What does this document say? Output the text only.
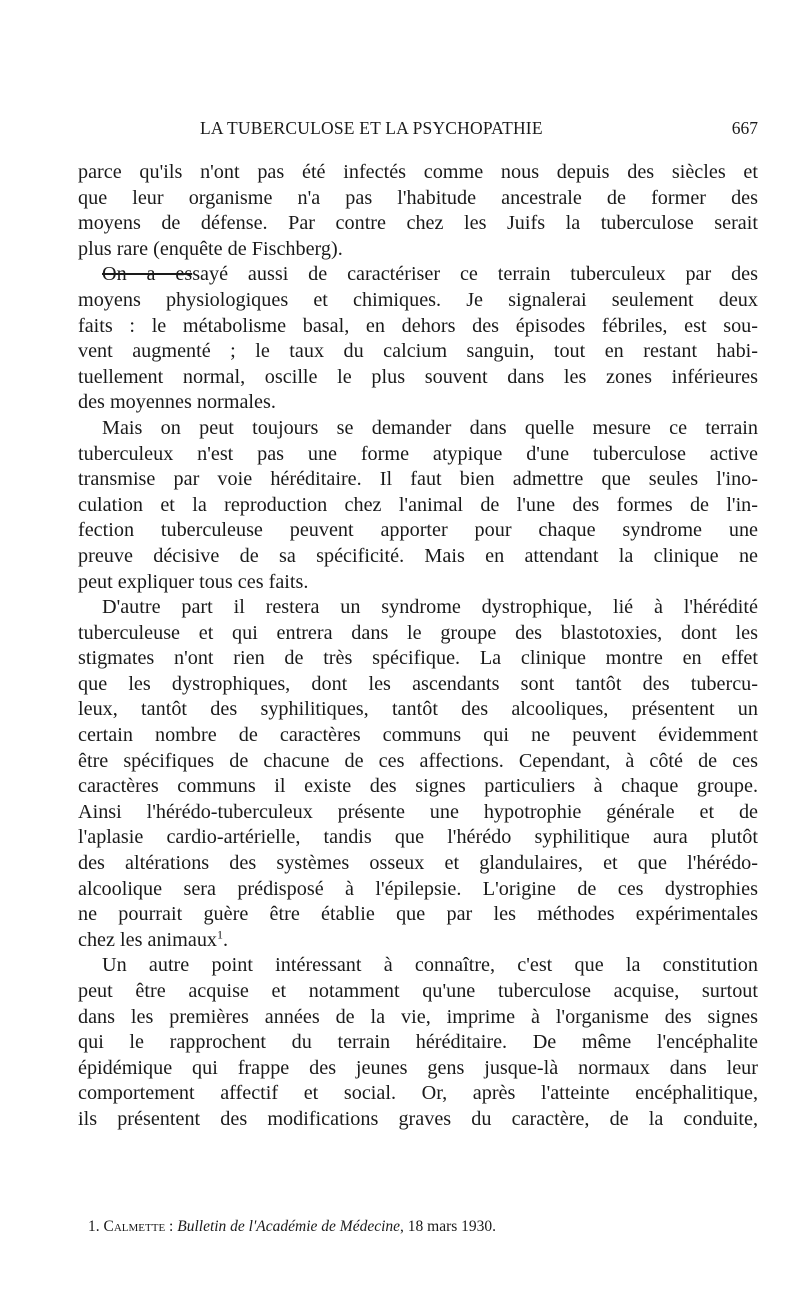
LA TUBERCULOSE ET LA PSYCHOPATHIE	667

parce qu'ils n'ont pas été infectés comme nous depuis des siècles et
que leur organisme n'a pas l'habitude ancestrale de former des
moyens de défense. Par contre chez les Juifs la tuberculose serait
plus rare (enquête de Fischberg).

On a essayé aussi de caractériser ce terrain tuberculeux par des
moyens physiologiques et chimiques. Je signalerai seulement deux
faits : le métabolisme basal, en dehors des épisodes fébriles, est sou-
vent augmenté ; le taux du calcium sanguin, tout en restant habi-
tuellement normal, oscille le plus souvent dans les zones inférieures
des moyennes normales.

Mais on peut toujours se demander dans quelle mesure ce terrain
tuberculeux n'est pas une forme atypique d'une tuberculose active
transmise par voie héréditaire. Il faut bien admettre que seules l'ino-
culation et la reproduction chez l'animal de l'une des formes de l'in-
fection tuberculeuse peuvent apporter pour chaque syndrome une
preuve décisive de sa spécificité. Mais en attendant la clinique ne
peut expliquer tous ces faits.

D'autre part il restera un syndrome dystrophique, lié à l'hérédité
tuberculeuse et qui entrera dans le groupe des blastotoxies, dont les
stigmates n'ont rien de très spécifique. La clinique montre en effet
que les dystrophiques, dont les ascendants sont tantôt des tubercu-
leux, tantôt des syphilitiques, tantôt des alcooliques, présentent un
certain nombre de caractères communs qui ne peuvent évidemment
être spécifiques de chacune de ces affections. Cependant, à côté de ces
caractères communs il existe des signes particuliers à chaque groupe.
Ainsi l'hérédo-tuberculeux présente une hypotrophie générale et de
l'aplasie cardio-artérielle, tandis que l'hérédo syphilitique aura plutôt
des altérations des systèmes osseux et glandulaires, et que l'hérédo-
alcoolique sera prédisposé à l'épilepsie. L'origine de ces dystrophies
ne pourrait guère être établie que par les méthodes expérimentales
chez les animaux$^1$.

Un autre point intéressant à connaître, c'est que la constitution
peut être acquise et notamment qu'une tuberculose acquise, surtout
dans les premières années de la vie, imprime à l'organisme des signes
qui le rapprochent du terrain héréditaire. De même l'encéphalite
épidémique qui frappe des jeunes gens jusque-là normaux dans leur
comportement affectif et social. Or, après l'atteinte encéphalitique,
ils présentent des modifications graves du caractère, de la conduite,

1. Calmette : Bulletin de l'Académie de Médecine, 18 mars 1930.
